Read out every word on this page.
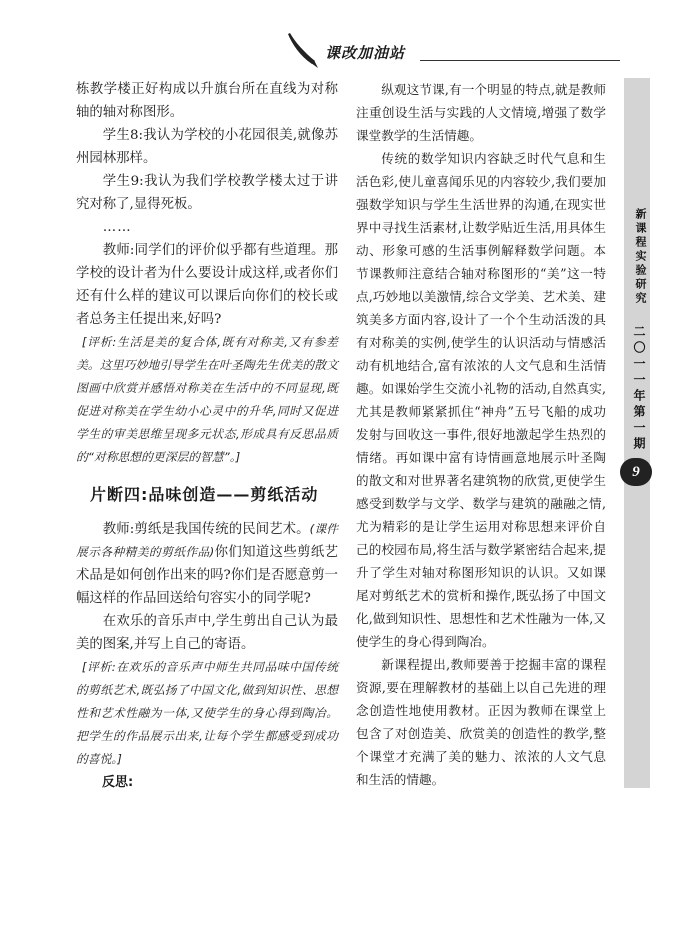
课改加油站

栋教学楼正好构成以升旗台所在直线为对称轴的轴对称图形。

学生8:我认为学校的小花园很美,就像苏州园林那样。

学生9:我认为我们学校教学楼太过于讲究对称了,显得死板。

……

教师:同学们的评价似乎都有些道理。那学校的设计者为什么要设计成这样,或者你们还有什么样的建议可以课后向你们的校长或者总务主任提出来,好吗?

[评析:生活是美的复合体,既有对称美,又有参差美。这里巧妙地引导学生在叶圣陶先生优美的散文图画中欣赏并感悟对称美在生活中的不同显现,既促进对称美在学生幼小心灵中的升华,同时又促进学生的审美思维呈现多元状态,形成具有反思品质的“对称思想的更深层的智慧”。]

片断四:品味创造——剪纸活动

教师:剪纸是我国传统的民间艺术。(课件展示各种精美的剪纸作品)你们知道这些剪纸艺术品是如何创作出来的吗?你们是否愿意剪一幅这样的作品回送给句容实小的同学呢?

在欢乐的音乐声中,学生剪出自己认为最美的图案,并写上自己的寄语。

[评析:在欢乐的音乐声中师生共同品味中国传统的剪纸艺术,既弘扬了中国文化,做到知识性、思想性和艺术性融为一体,又使学生的身心得到陶冶。把学生的作品展示出来,让每个学生都感受到成功的喜悦。]

反思:

纵观这节课,有一个明显的特点,就是教师注重创设生活与实践的人文情境,增强了数学课堂教学的生活情趣。

传统的数学知识内容缺乏时代气息和生活色彩,使儿童喜闻乐见的内容较少,我们要加强数学知识与学生生活世界的沟通,在现实世界中寻找生活素材,让数学贴近生活,用具体生动、形象可感的生活事例解释数学问题。本节课教师注意结合轴对称图形的“美”这一特点,巧妙地以美激情,综合文学美、艺术美、建筑美多方面内容,设计了一个个生动活泼的具有对称美的实例,使学生的认识活动与情感活动有机地结合,富有浓浓的人文气息和生活情趣。如课始学生交流小礼物的活动,自然真实,尤其是教师紧紧抓住“神舟”五号飞船的成功发射与回收这一事件,很好地激起学生热烈的情绪。再如课中富有诗情画意地展示叶圣陶的散文和对世界著名建筑物的欣赏,更使学生感受到数学与文学、数学与建筑的融融之情,尤为精彩的是让学生运用对称思想来评价自己的校园布局,将生活与数学紧密结合起来,提升了学生对轴对称图形知识的认识。又如课尾对剪纸艺术的赏析和操作,既弘扬了中国文化,做到知识性、思想性和艺术性融为一体,又使学生的身心得到陶冶。

新课程提出,教师要善于挖掘丰富的课程资源,要在理解教材的基础上以自己先进的理念创造性地使用教材。正因为教师在课堂上包含了对创造美、欣赏美的创造性的教学,整个课堂才充满了美的魅力、浓浓的人文气息和生活的情趣。

新课程实验研究
二〇一一年第一期
9
